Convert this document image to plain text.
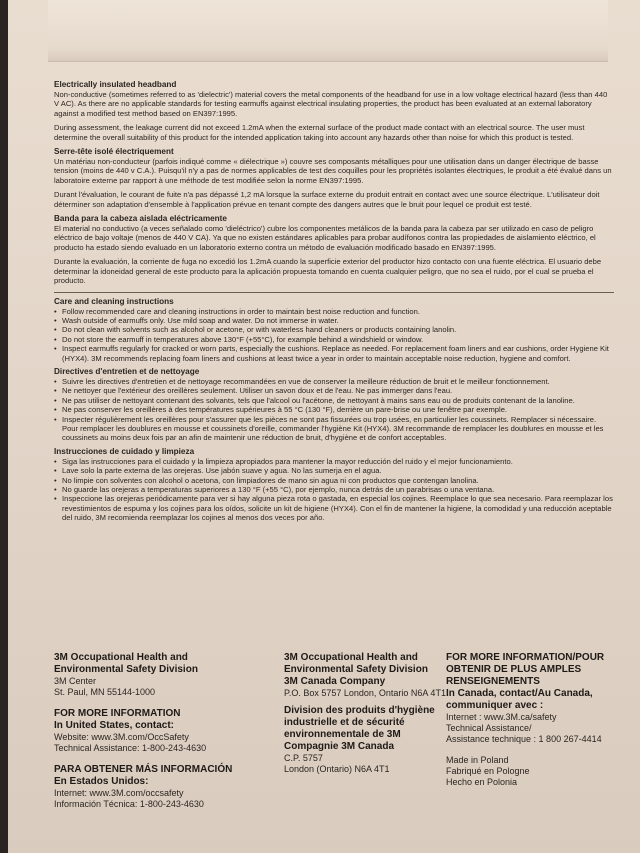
Electrically insulated headband

Non-conductive (sometimes referred to as 'dielectric') material covers the metal components of the headband for use in a low voltage electrical hazard (less than 440 V AC). As there are no applicable standards for testing earmuffs against electrical insulating properties, the product has been evaluated at an external laboratory against a modified test method based on EN397:1995.

During assessment, the leakage current did not exceed 1.2mA when the external surface of the product made contact with an electrical source. The user must determine the overall suitability of this product for the intended application taking into account any hazards other than noise for which this product is tested.

Serre-tête isolé électriquement

Un matériau non-conducteur (parfois indiqué comme « diélectrique ») couvre ses composants métalliques pour une utilisation dans un danger électrique de basse tension (moins de 440 v C.A.). Puisqu'il n'y a pas de normes applicables de test des coquilles pour les propriétés isolantes électriques, le produit a été évalué dans un laboratoire externe par rapport à une méthode de test modifiée selon la norme EN397:1995.

Durant l'évaluation, le courant de fuite n'a pas dépassé 1,2 mA lorsque la surface externe du produit entrait en contact avec une source électrique. L'utilisateur doit déterminer son adaptation d'ensemble à l'application prévue en tenant compte des dangers autres que le bruit pour lequel ce produit est testé.

Banda para la cabeza aislada eléctricamente

El material no conductivo (a veces señalado como 'dieléctrico') cubre los componentes metálicos de la banda para la cabeza par ser utilizado en caso de peligro eléctrico de bajo voltaje (menos de 440 V CA). Ya que no existen estándares aplicables para probar audífonos contra las propiedades de aislamiento eléctrico, el producto ha estado siendo evaluado en un laboratorio externo contra un método de evaluación modificado basado en EN397:1995.

Durante la evaluación, la corriente de fuga no excedió los 1.2mA cuando la superficie exterior del productor hizo contacto con una fuente eléctrica. El usuario debe determinar la idoneidad general de este producto para la aplicación propuesta tomando en cuenta cualquier peligro, que no sea el ruido, por el cual se prueba el producto.

Care and cleaning instructions
• Follow recommended care and cleaning instructions in order to maintain best noise reduction and function.
• Wash outside of earmuffs only. Use mild soap and water. Do not immerse in water.
• Do not clean with solvents such as alcohol or acetone, or with waterless hand cleaners or products containing lanolin.
• Do not store the earmuff in temperatures above 130°F (+55°C), for example behind a windshield or window.
• Inspect earmuffs regularly for cracked or worn parts, especially the cushions. Replace as needed. For replacement foam liners and ear cushions, order Hygiene Kit (HYX4). 3M recommends replacing foam liners and cushions at least twice a year in order to maintain acceptable noise reduction, hygiene and comfort.
Directives d'entretien et de nettoyage
• Suivre les directives d'entretien et de nettoyage recommandées en vue de conserver la meilleure réduction de bruit et le meilleur fonctionnement.
• Ne nettoyer que l'extérieur des oreillères seulement. Utiliser un savon doux et de l'eau. Ne pas immerger dans l'eau.
• Ne pas utiliser de nettoyant contenant des solvants, tels que l'alcool ou l'acétone, de nettoyant à mains sans eau ou de produits contenant de la lanoline.
• Ne pas conserver les oreillères à des températures supérieures à 55 °C (130 °F), derrière un pare-brise ou une fenêtre par exemple.
• Inspecter régulièrement les oreillères pour s'assurer que les pièces ne sont pas fissurées ou trop usées, en particulier les coussinets. Remplacer si nécessaire. Pour remplacer les doublures en mousse et coussinets d'oreille, commander l'hygiène Kit (HYX4). 3M recommande de remplacer les doublures en mousse et les coussinets au moins deux fois par an afin de maintenir une réduction de bruit, d'hygiène et de confort acceptables.
Instrucciones de cuidado y limpieza
• Siga las instrucciones para el cuidado y la limpieza apropiados para mantener la mayor reducción del ruido y el mejor funcionamiento.
• Lave solo la parte externa de las orejeras. Use jabón suave y agua. No las sumerja en el agua.
• No limpie con solventes con alcohol o acetona, con limpiadores de mano sin agua ni con productos que contengan lanolina.
• No guarde las orejeras a temperaturas superiores a 130 °F (+55 °C), por ejemplo, nunca detrás de un parabrisas o una ventana.
• Inspeccione las orejeras periódicamente para ver si hay alguna pieza rota o gastada, en especial los cojines. Reemplace lo que sea necesario. Para reemplazar los revestimientos de espuma y los cojines para los oídos, solicite un kit de higiene (HYX4). Con el fin de mantener la higiene, la comodidad y una reducción aceptable del ruido, 3M recomienda reemplazar los cojines al menos dos veces por año.
3M Occupational Health and
Environmental Safety Division
3M Center
St. Paul, MN 55144-1000
FOR MORE INFORMATION
In United States, contact:
Website: www.3M.com/OccSafety
Technical Assistance: 1-800-243-4630
PARA OBTENER MÁS INFORMACIÓN
En Estados Unidos:
Internet: www.3M.com/occsafety
Información Técnica: 1-800-243-4630
3M Occupational Health and
Environmental Safety Division
3M Canada Company
P.O. Box 5757 London, Ontario N6A 4T1
Division des produits d'hygiène
industrielle et de sécurité
environnementale de 3M
Compagnie 3M Canada
C.P. 5757
London (Ontario) N6A 4T1
FOR MORE INFORMATION/POUR
OBTENIR DE PLUS AMPLES
RENSEIGNEMENTS
In Canada, contact/Au Canada,
communiquer avec :
Internet : www.3M.ca/safety
Technical Assistance/
Assistance technique : 1 800 267-4414
Made in Poland
Fabriqué en Pologne
Hecho en Polonia
